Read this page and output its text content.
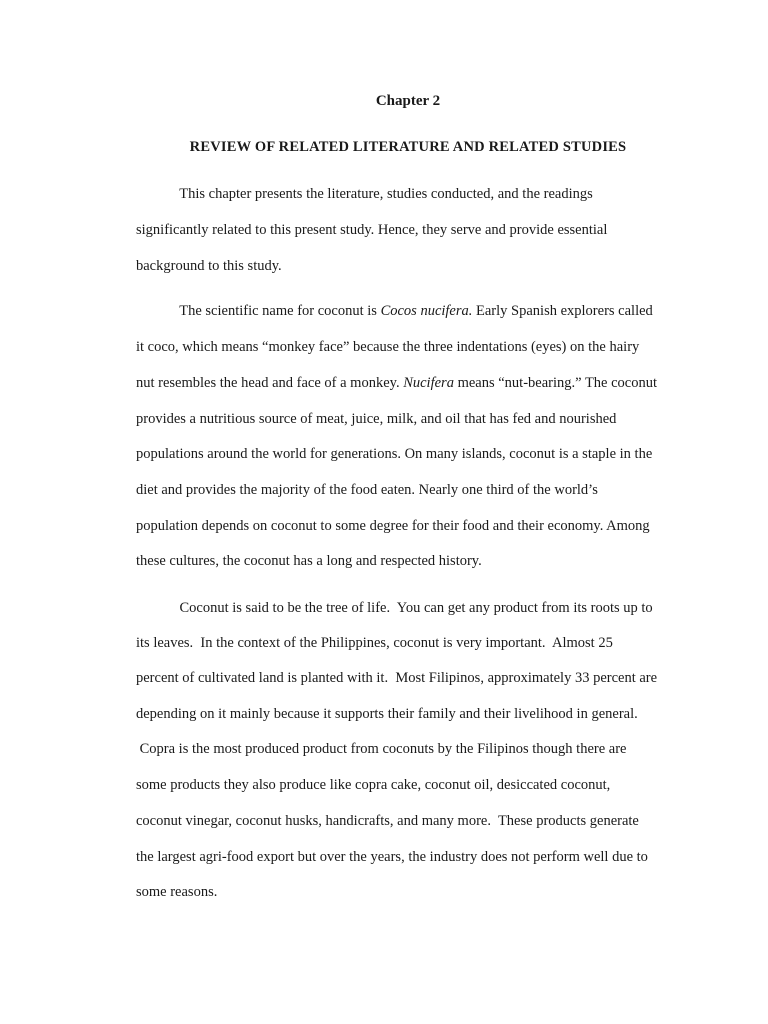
Chapter 2
REVIEW OF RELATED LITERATURE AND RELATED STUDIES
This chapter presents the literature, studies conducted, and the readings
significantly related to this present study. Hence, they serve and provide essential
background to this study.
The scientific name for coconut is Cocos nucifera. Early Spanish explorers called
it coco, which means “monkey face” because the three indentations (eyes) on the hairy
nut resembles the head and face of a monkey. Nucifera means “nut-bearing.” The coconut
provides a nutritious source of meat, juice, milk, and oil that has fed and nourished
populations around the world for generations. On many islands, coconut is a staple in the
diet and provides the majority of the food eaten. Nearly one third of the world’s
population depends on coconut to some degree for their food and their economy. Among
these cultures, the coconut has a long and respected history.
Coconut is said to be the tree of life.  You can get any product from its roots up to
its leaves.  In the context of the Philippines, coconut is very important.  Almost 25
percent of cultivated land is planted with it.  Most Filipinos, approximately 33 percent are
depending on it mainly because it supports their family and their livelihood in general.
Copra is the most produced product from coconuts by the Filipinos though there are
some products they also produce like copra cake, coconut oil, desiccated coconut,
coconut vinegar, coconut husks, handicrafts, and many more.  These products generate
the largest agri-food export but over the years, the industry does not perform well due to
some reasons.
